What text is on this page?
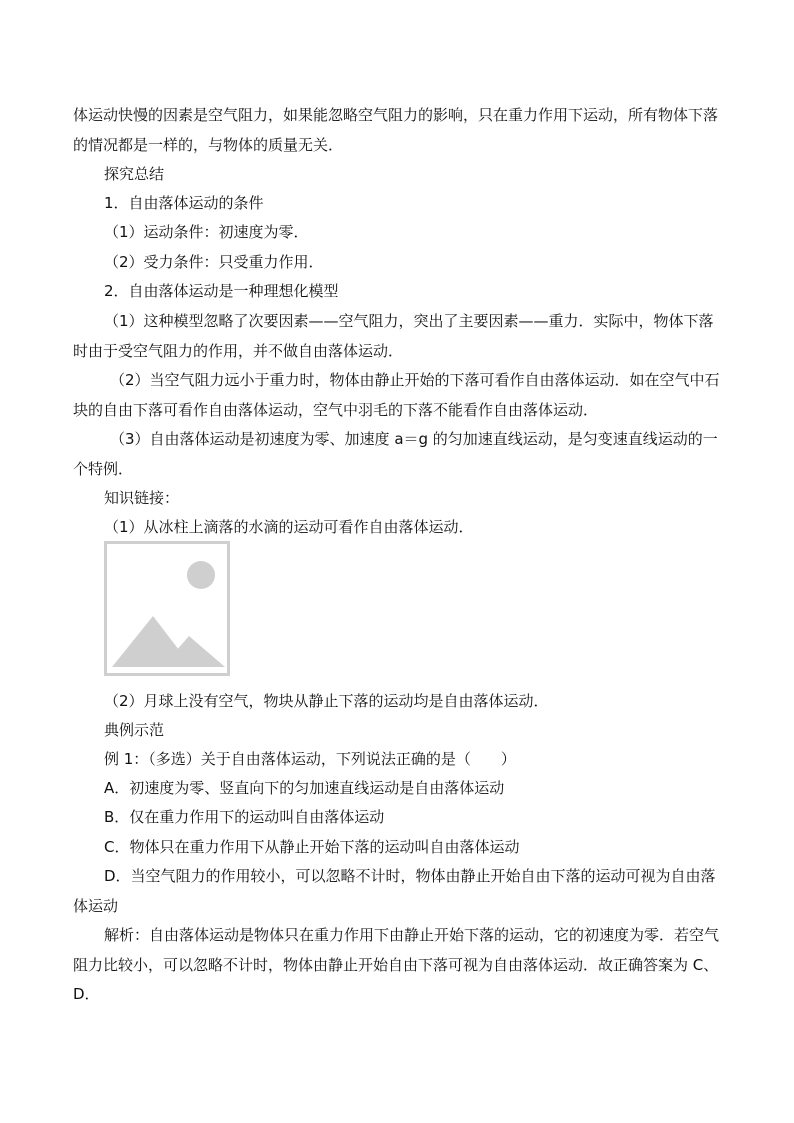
体运动快慢的因素是空气阻力，如果能忽略空气阻力的影响，只在重力作用下运动，所有物体下落的情况都是一样的，与物体的质量无关．

探究总结

1．自由落体运动的条件

（1）运动条件：初速度为零．

（2）受力条件：只受重力作用．

2．自由落体运动是一种理想化模型

（1）这种模型忽略了次要因素——空气阻力，突出了主要因素——重力．实际中，物体下落时由于受空气阻力的作用，并不做自由落体运动．

（2）当空气阻力远小于重力时，物体由静止开始的下落可看作自由落体运动．如在空气中石块的自由下落可看作自由落体运动，空气中羽毛的下落不能看作自由落体运动．

（3）自由落体运动是初速度为零、加速度 a＝g 的匀加速直线运动，是匀变速直线运动的一个特例．

知识链接：

（1）从冰柱上滴落的水滴的运动可看作自由落体运动．

（2）月球上没有空气，物块从静止下落的运动均是自由落体运动．

典例示范

例 1：（多选）关于自由落体运动，下列说法正确的是（　　）

A．初速度为零、竖直向下的匀加速直线运动是自由落体运动

B．仅在重力作用下的运动叫自由落体运动

C．物体只在重力作用下从静止开始下落的运动叫自由落体运动

D．当空气阻力的作用较小，可以忽略不计时，物体由静止开始自由下落的运动可视为自由落体运动

解析：自由落体运动是物体只在重力作用下由静止开始下落的运动，它的初速度为零．若空气阻力比较小，可以忽略不计时，物体由静止开始自由下落可视为自由落体运动．故正确答案为 C、D．
